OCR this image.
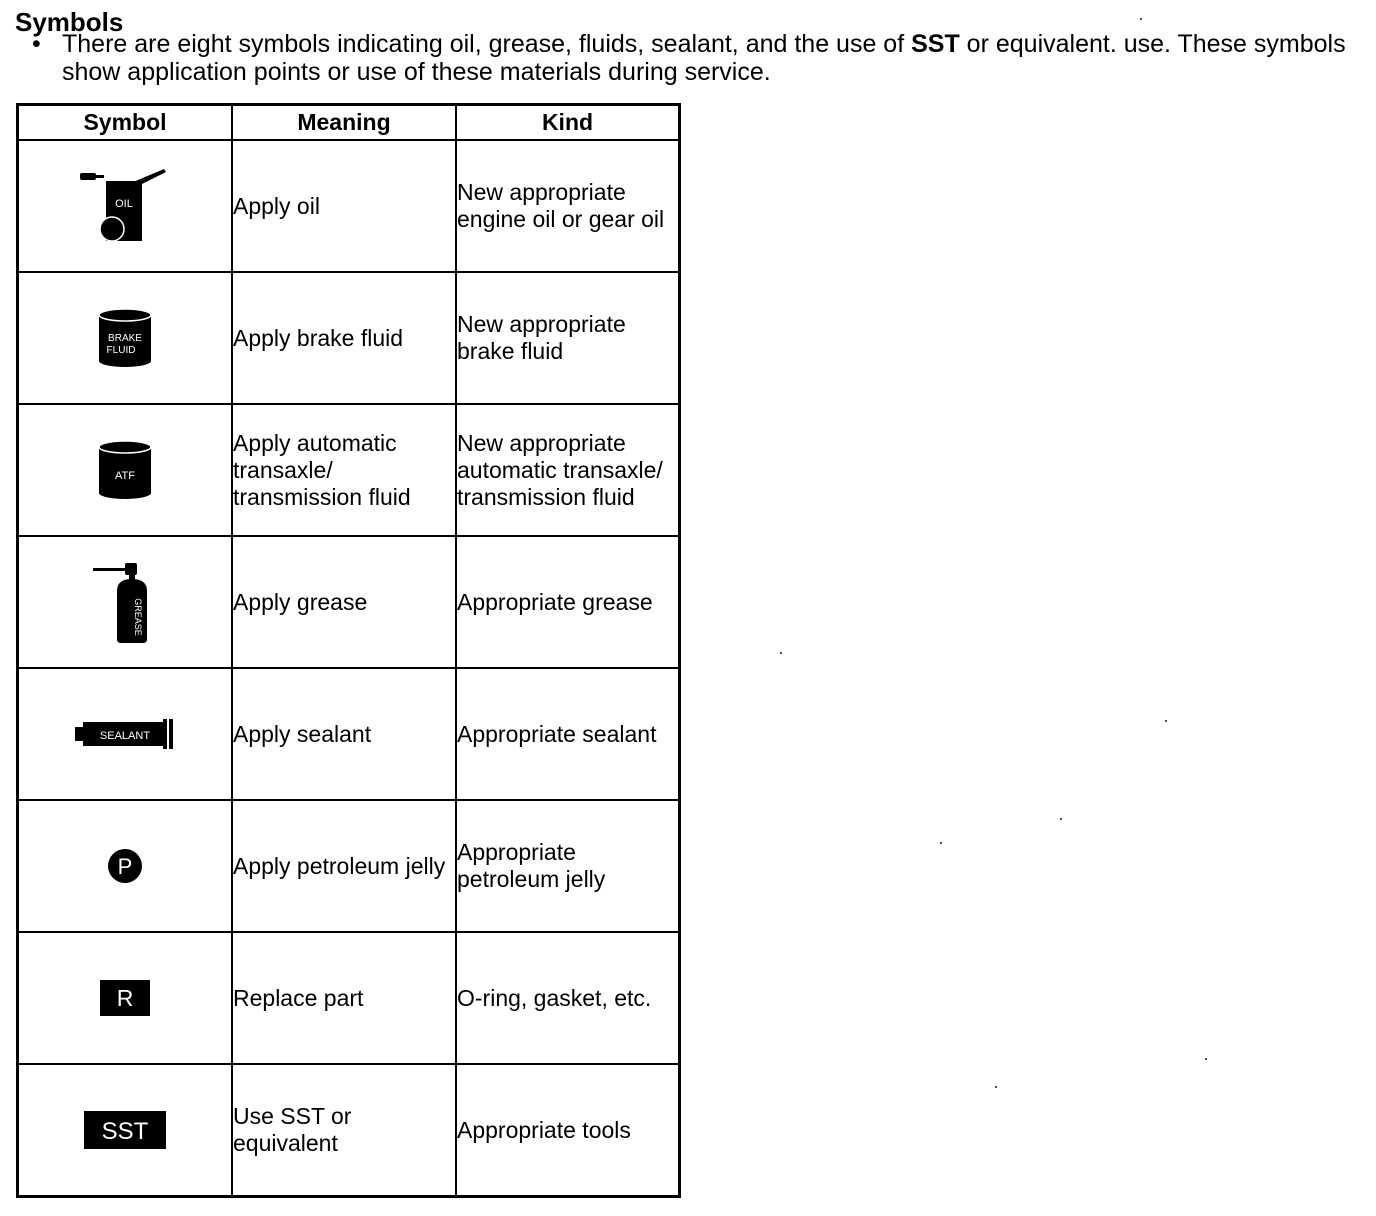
Symbols
• There are eight symbols indicating oil, grease, fluids, sealant, and the use of SST or equivalent. use. These symbols show application points or use of these materials during service.
Symbol	Meaning	Kind

OIL	Apply oil	New appropriate engine oil or gear oil

BRAKE
FLUID	Apply brake fluid	New appropriate brake fluid

ATF	Apply automatic transaxle/ transmission fluid	New appropriate automatic transaxle/ transmission fluid

GREASE	Apply grease	Appropriate grease

SEALANT	Apply sealant	Appropriate sealant

P	Apply petroleum jelly	Appropriate petroleum jelly

R	Replace part	O-ring, gasket, etc.

SST	Use SST or equivalent	Appropriate tools
